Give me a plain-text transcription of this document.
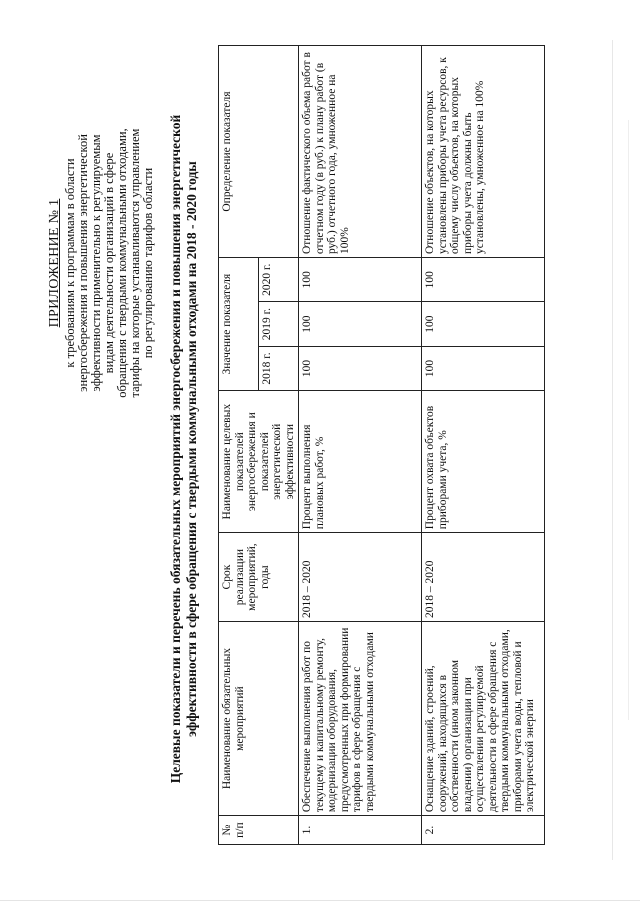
ПРИЛОЖЕНИЕ № 1 к требованиям к программам в области энергосбережения и повышения энергетической эффективности применительно к регулируемым видам деятельности организаций в сфере обращения с твердыми коммунальными отходами, тарифы на которые устанавливаются управлением по регулированию тарифов области Целевые показатели и перечень обязательных мероприятий энергосбережения и повышения энергетической эффективности в сфере обращения с твердыми коммунальными отходами на 2018 - 2020 годы
№ п/п	Наименование обязательных мероприятий	Срок реализации мероприятий, годы	Наименование целевых показателей энергосбережения и показателей энергетической эффективности	Значение показателя			Определение показателя
				2018 г.	2019 г.	2020 г.	
1.	Обеспечение выполнения работ по текущему и капитальному ремонту, модернизации оборудования, предусмотренных при формировании тарифов в сфере обращения с твердыми коммунальными отходами	2018 – 2020	Процент выполнения плановых работ, %	100	100	100	Отношение фактического объема работ в отчетном году (в руб.) к плану работ (в руб.) отчетного года, умноженное на 100%
2.	Оснащение зданий, строений, сооружений, находящихся в собственности (ином законном владении) организации при осуществлении регулируемой деятельности в сфере обращения с твердыми коммунальными отходами, приборами учета воды, тепловой и электрической энергии	2018 – 2020	Процент охвата объектов приборами учета, %	100	100	100	Отношение объектов, на которых установлены приборы учета ресурсов, к общему числу объектов, на которых приборы учета должны быть установлены, умноженное на 100%
